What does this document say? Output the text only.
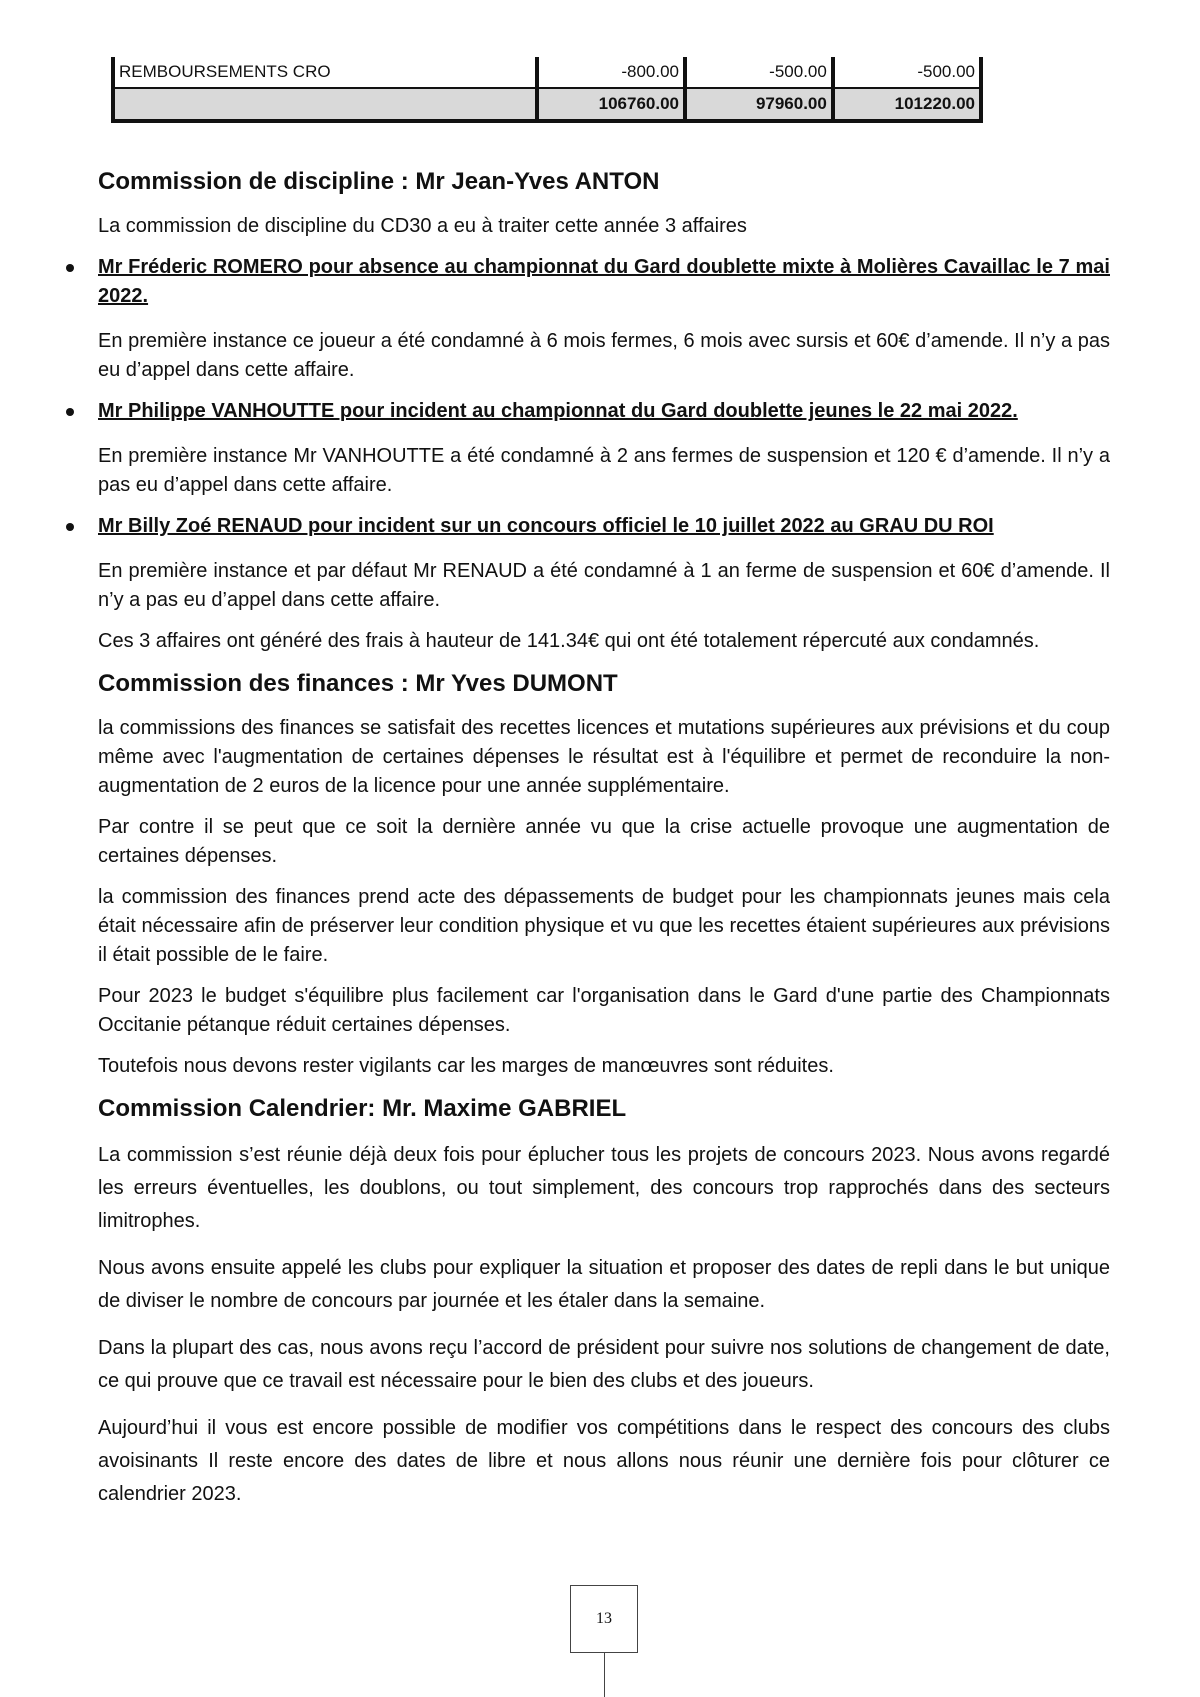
REMBOURSEMENTS CRO	-800.00	-500.00	-500.00
	106760.00	97960.00	101220.00
Commission de discipline : Mr Jean-Yves ANTON

La commission de discipline du CD30 a eu à traiter cette année 3 affaires

Mr Fréderic ROMERO pour absence au championnat du Gard doublette mixte à Molières Cavaillac le 7 mai 2022.

En première instance ce joueur a été condamné à 6 mois fermes, 6 mois avec sursis et 60€ d’amende. Il n’y a pas eu d’appel dans cette affaire.

Mr Philippe VANHOUTTE pour incident au championnat du Gard doublette jeunes le 22 mai 2022.

En première instance Mr VANHOUTTE a été condamné à 2 ans fermes de suspension et 120 € d’amende. Il n’y a pas eu d’appel dans cette affaire.

Mr Billy Zoé RENAUD pour incident sur un concours officiel le 10 juillet 2022 au GRAU DU ROI

En première instance et par défaut Mr RENAUD a été condamné à 1 an ferme de suspension et 60€ d’amende. Il n’y a pas eu d’appel dans cette affaire.

Ces 3 affaires ont généré des frais à hauteur de 141.34€ qui ont été totalement répercuté aux condamnés.

Commission des finances : Mr Yves DUMONT

la commissions des finances se satisfait des recettes licences et mutations supérieures aux prévisions et du coup même avec l'augmentation de certaines dépenses le résultat est à l'équilibre et permet de reconduire la non-augmentation de 2 euros de la licence pour une année supplémentaire.

Par contre il se peut que ce soit la dernière année vu que la crise actuelle provoque une augmentation de certaines dépenses.

la commission des finances prend acte des dépassements de budget pour les championnats jeunes mais cela était nécessaire afin de préserver leur condition physique et vu que les recettes étaient supérieures aux prévisions il était possible de le faire.

Pour 2023 le budget s'équilibre plus facilement car l'organisation dans le Gard d'une partie des Championnats Occitanie pétanque réduit certaines dépenses.

Toutefois nous devons rester vigilants car les marges de manœuvres sont réduites.

Commission Calendrier: Mr. Maxime GABRIEL

La commission s’est réunie déjà deux fois pour éplucher tous les projets de concours 2023. Nous avons regardé les erreurs éventuelles, les doublons, ou tout simplement, des concours trop rapprochés dans des secteurs limitrophes.

Nous avons ensuite appelé les clubs pour expliquer la situation et proposer des dates de repli dans le but unique de diviser le nombre de concours par journée et les étaler dans la semaine.

Dans la plupart des cas, nous avons reçu l’accord de président pour suivre nos solutions de changement de date, ce qui prouve que ce travail est nécessaire pour le bien des clubs et des joueurs.

Aujourd’hui il vous est encore possible de modifier vos compétitions dans le respect des concours des clubs avoisinants Il reste encore des dates de libre et nous allons nous réunir une dernière fois pour clôturer ce calendrier 2023.

13
